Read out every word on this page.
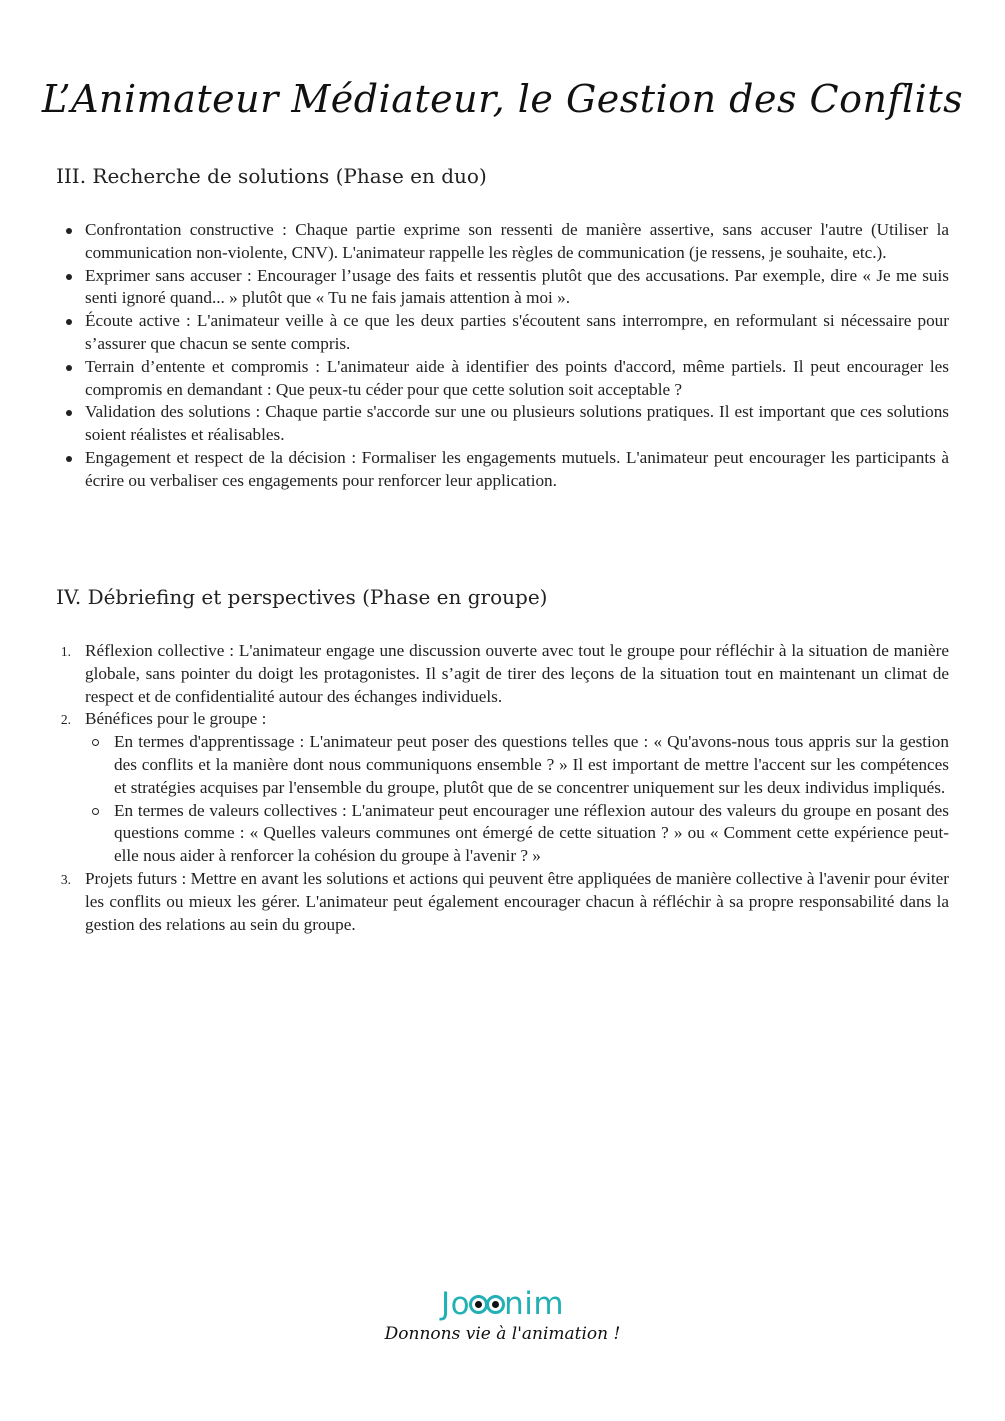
L’Animateur Médiateur, le Gestion des Conflits
III. Recherche de solutions (Phase en duo)
Confrontation constructive : Chaque partie exprime son ressenti de manière assertive, sans accuser l'autre (Utiliser la communication non-violente, CNV). L'animateur rappelle les règles de communication (je ressens, je souhaite, etc.).
Exprimer sans accuser : Encourager l’usage des faits et ressentis plutôt que des accusations. Par exemple, dire « Je me suis senti ignoré quand... » plutôt que « Tu ne fais jamais attention à moi ».
Écoute active : L'animateur veille à ce que les deux parties s'écoutent sans interrompre, en reformulant si nécessaire pour s’assurer que chacun se sente compris.
Terrain d’entente et compromis : L'animateur aide à identifier des points d'accord, même partiels. Il peut encourager les compromis en demandant : Que peux-tu céder pour que cette solution soit acceptable ?
Validation des solutions : Chaque partie s'accorde sur une ou plusieurs solutions pratiques. Il est important que ces solutions soient réalistes et réalisables.
Engagement et respect de la décision : Formaliser les engagements mutuels. L'animateur peut encourager les participants à écrire ou verbaliser ces engagements pour renforcer leur application.
IV. Débriefing et perspectives (Phase en groupe)
1. Réflexion collective : L'animateur engage une discussion ouverte avec tout le groupe pour réfléchir à la situation de manière globale, sans pointer du doigt les protagonistes. Il s’agit de tirer des leçons de la situation tout en maintenant un climat de respect et de confidentialité autour des échanges individuels.
2. Bénéfices pour le groupe :
En termes d'apprentissage : L'animateur peut poser des questions telles que : « Qu'avons-nous tous appris sur la gestion des conflits et la manière dont nous communiquons ensemble ? » Il est important de mettre l'accent sur les compétences et stratégies acquises par l'ensemble du groupe, plutôt que de se concentrer uniquement sur les deux individus impliqués.
En termes de valeurs collectives : L'animateur peut encourager une réflexion autour des valeurs du groupe en posant des questions comme : « Quelles valeurs communes ont émergé de cette situation ? » ou « Comment cette expérience peut-elle nous aider à renforcer la cohésion du groupe à l'avenir ? »
3. Projets futurs : Mettre en avant les solutions et actions qui peuvent être appliquées de manière collective à l'avenir pour éviter les conflits ou mieux les gérer. L'animateur peut également encourager chacun à réfléchir à sa propre responsabilité dans la gestion des relations au sein du groupe.
Jo nim
Donnons vie à l'animation !
